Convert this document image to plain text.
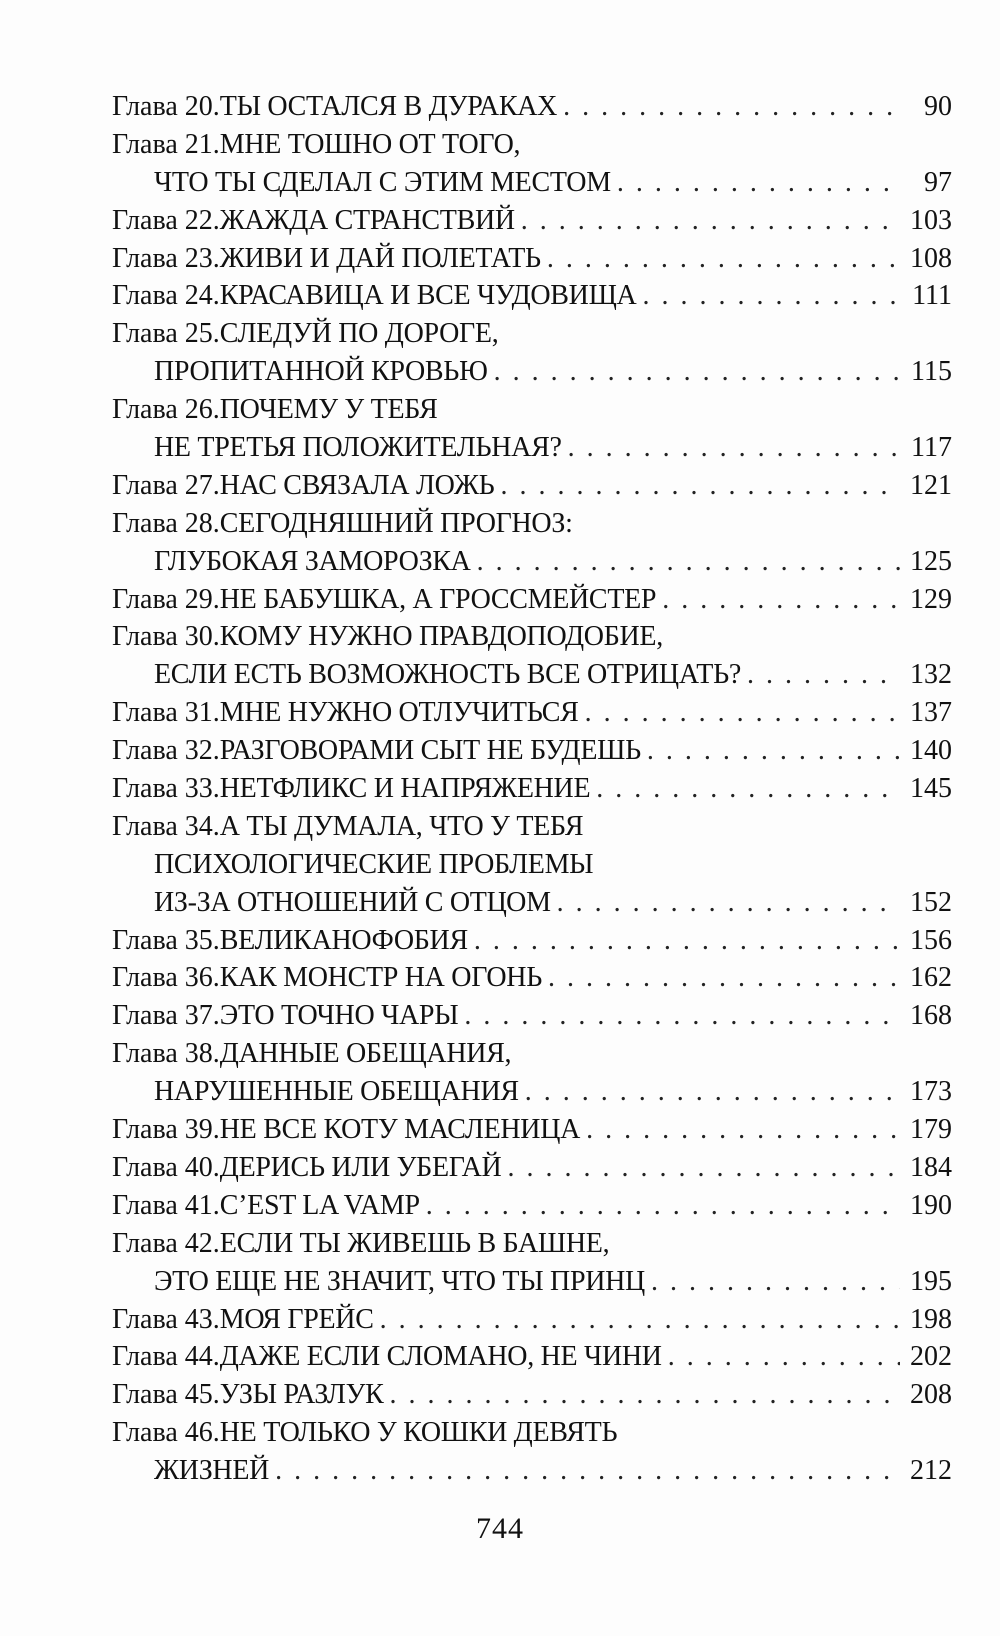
Глава 20. ТЫ ОСТАЛСЯ В ДУРАКАХ . . .	90
Глава 21. МНЕ ТОШНО ОТ ТОГО,
ЧТО ТЫ СДЕЛАЛ С ЭТИМ МЕСТОМ . . .	97
Глава 22. ЖАЖДА СТРАНСТВИЙ . . .	103
Глава 23. ЖИВИ И ДАЙ ПОЛЕТАТЬ . . .	108
Глава 24. КРАСАВИЦА И ВСЕ ЧУДОВИЩА . . .	111
Глава 25. СЛЕДУЙ ПО ДОРОГЕ,
ПРОПИТАННОЙ КРОВЬЮ . . .	115
Глава 26. ПОЧЕМУ У ТЕБЯ
НЕ ТРЕТЬЯ ПОЛОЖИТЕЛЬНАЯ? . . .	117
Глава 27. НАС СВЯЗАЛА ЛОЖЬ . . .	121
Глава 28. СЕГОДНЯШНИЙ ПРОГНОЗ:
ГЛУБОКАЯ ЗАМОРОЗКА . . .	125
Глава 29. НЕ БАБУШКА, А ГРОССМЕЙСТЕР . . .	129
Глава 30. КОМУ НУЖНО ПРАВДОПОДОБИЕ,
ЕСЛИ ЕСТЬ ВОЗМОЖНОСТЬ ВСЕ ОТРИЦАТЬ? . . .	132
Глава 31. МНЕ НУЖНО ОТЛУЧИТЬСЯ . . .	137
Глава 32. РАЗГОВОРАМИ СЫТ НЕ БУДЕШЬ . . .	140
Глава 33. НЕТФЛИКС И НАПРЯЖЕНИЕ . . .	145
Глава 34. А ТЫ ДУМАЛА, ЧТО У ТЕБЯ
ПСИХОЛОГИЧЕСКИЕ ПРОБЛЕМЫ
ИЗ-ЗА ОТНОШЕНИЙ С ОТЦОМ . . .	152
Глава 35. ВЕЛИКАНОФОБИЯ . . .	156
Глава 36. КАК МОНСТР НА ОГОНЬ . . .	162
Глава 37. ЭТО ТОЧНО ЧАРЫ . . .	168
Глава 38. ДАННЫЕ ОБЕЩАНИЯ,
НАРУШЕННЫЕ ОБЕЩАНИЯ . . .	173
Глава 39. НЕ ВСЕ КОТУ МАСЛЕНИЦА . . .	179
Глава 40. ДЕРИСЬ ИЛИ УБЕГАЙ . . .	184
Глава 41. C’EST LA VAMP . . .	190
Глава 42. ЕСЛИ ТЫ ЖИВЕШЬ В БАШНЕ,
ЭТО ЕЩЕ НЕ ЗНАЧИТ, ЧТО ТЫ ПРИНЦ . . .	195
Глава 43. МОЯ ГРЕЙС . . .	198
Глава 44. ДАЖЕ ЕСЛИ СЛОМАНО, НЕ ЧИНИ . . .	202
Глава 45. УЗЫ РАЗЛУК . . .	208
Глава 46. НЕ ТОЛЬКО У КОШКИ ДЕВЯТЬ
ЖИЗНЕЙ . . .	212
744
